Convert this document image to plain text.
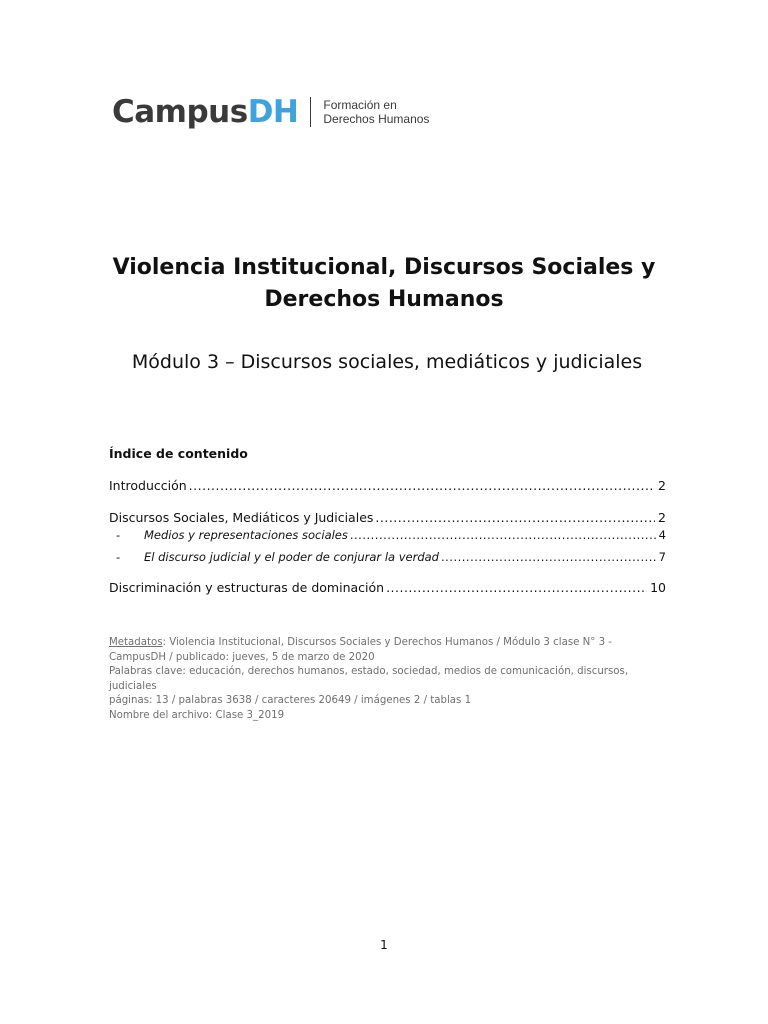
CampusDH Formación en
Derechos Humanos
Violencia Institucional, Discursos Sociales y
Derechos Humanos
Módulo 3 – Discursos sociales, mediáticos y judiciales
Índice de contenido
Introducción .....	2
Discursos Sociales, Mediáticos y Judiciales .....	2
-	Medios y representaciones sociales .....	4
-	El discurso judicial y el poder de conjurar la verdad .....	7
Discriminación y estructuras de dominación .....	10
Metadatos: Violencia Institucional, Discursos Sociales y Derechos Humanos / Módulo 3 clase N° 3 -
CampusDH / publicado: jueves, 5 de marzo de 2020
Palabras clave: educación, derechos humanos, estado, sociedad, medios de comunicación, discursos,
judiciales
páginas: 13 / palabras 3638 / caracteres 20649 / imágenes 2 / tablas 1
Nombre del archivo: Clase 3_2019
1
